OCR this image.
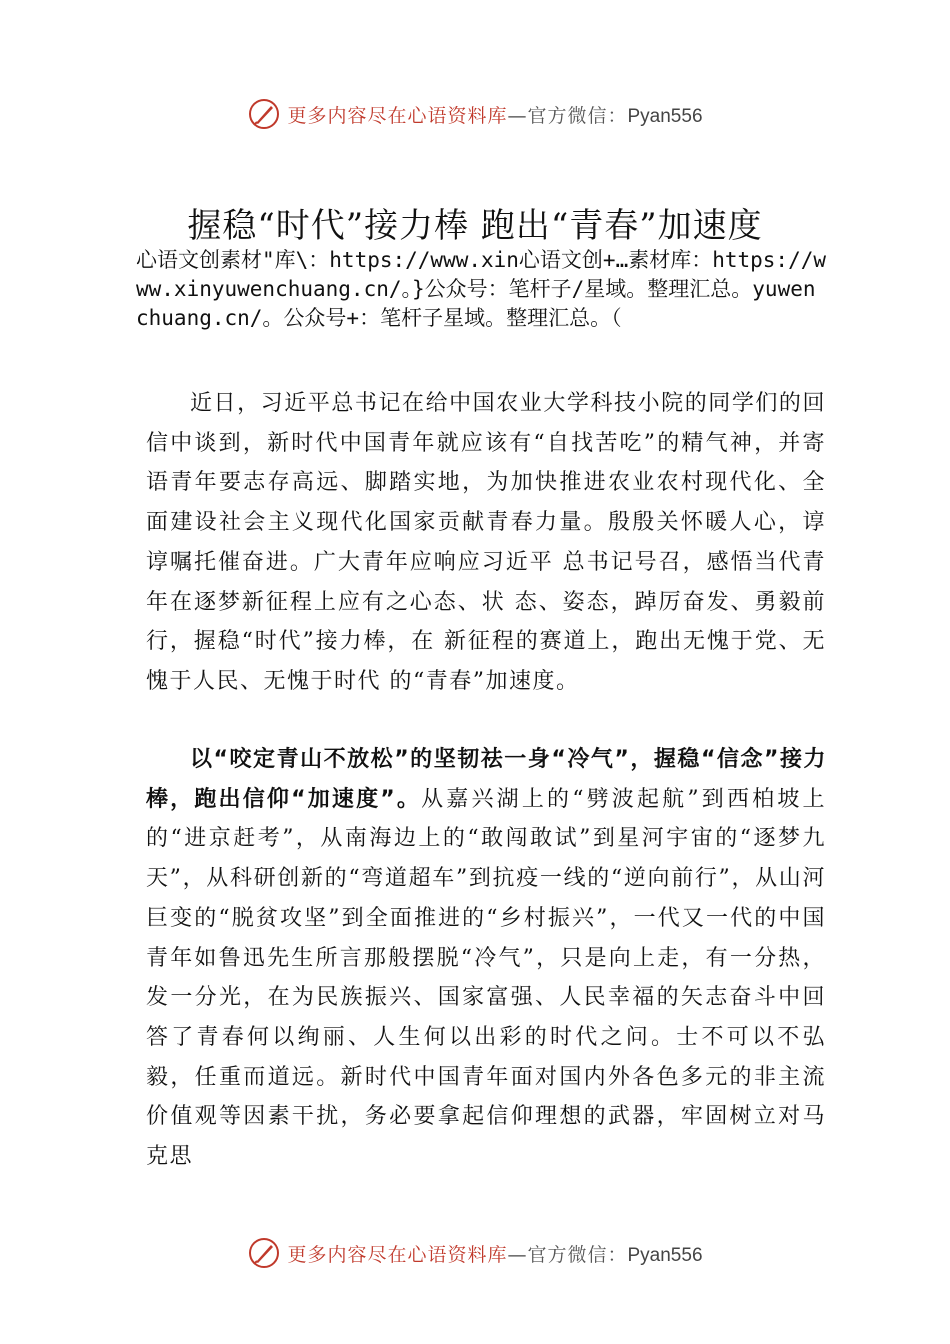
更多内容尽在心语资料库—官方微信：Pyan556
握稳“时代”接力棒 跑出“青春”加速度

心语文创素材"库\：https://www.xin心语文创+…素材库：https://www.xinyuwenchuang.cn/。}公众号：笔杆子/星域。整理汇总。yuwenchuang.cn/。公众号+：笔杆子星域。整理汇总。（

近日，习近平总书记在给中国农业大学科技小院的同学们的回信中谈到，新时代中国青年就应该有“自找苦吃”的精气神，并寄语青年要志存高远、脚踏实地，为加快推进农业农村现代化、全面建设社会主义现代化国家贡献青春力量。殷殷关怀暖人心，谆谆嘱托催奋进。广大青年应响应习近平 总书记号召，感悟当代青年在逐梦新征程上应有之心态、状 态、姿态，踔厉奋发、勇毅前行，握稳“时代”接力棒，在 新征程的赛道上，跑出无愧于党、无愧于人民、无愧于时代 的“青春”加速度。

以“咬定青山不放松”的坚韧祛一身“冷气”，握稳“信念”接力棒，跑出信仰“加速度”。从嘉兴湖上的“劈波起航”到西柏坡上的“进京赶考”，从南海边上的“敢闯敢试”到星河宇宙的“逐梦九天”，从科研创新的“弯道超车”到抗疫一线的“逆向前行”，从山河巨变的“脱贫攻坚”到全面推进的“乡村振兴”，一代又一代的中国青年如鲁迅先生所言那般摆脱“冷气”，只是向上走，有一分热，发一分光，在为民族振兴、国家富强、人民幸福的矢志奋斗中回答了青春何以绚丽、人生何以出彩的时代之问。士不可以不弘毅，任重而道远。新时代中国青年面对国内外各色多元的非主流价值观等因素干扰，务必要拿起信仰理想的武器，牢固树立对马克思

更多内容尽在心语资料库—官方微信：Pyan556
